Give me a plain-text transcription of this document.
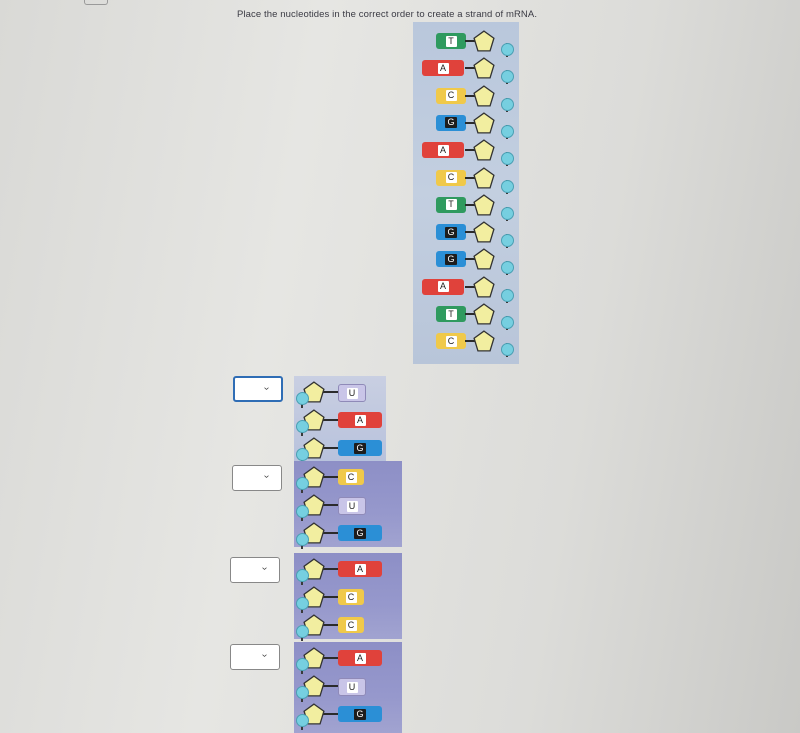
Place the nucleotides in the correct order to create a strand of mRNA.
T
A
C
G
A
C
T
G
G
A
T
C
›	U
A
G
›	C
U
G
›	A
C
C
›	A
U
G
